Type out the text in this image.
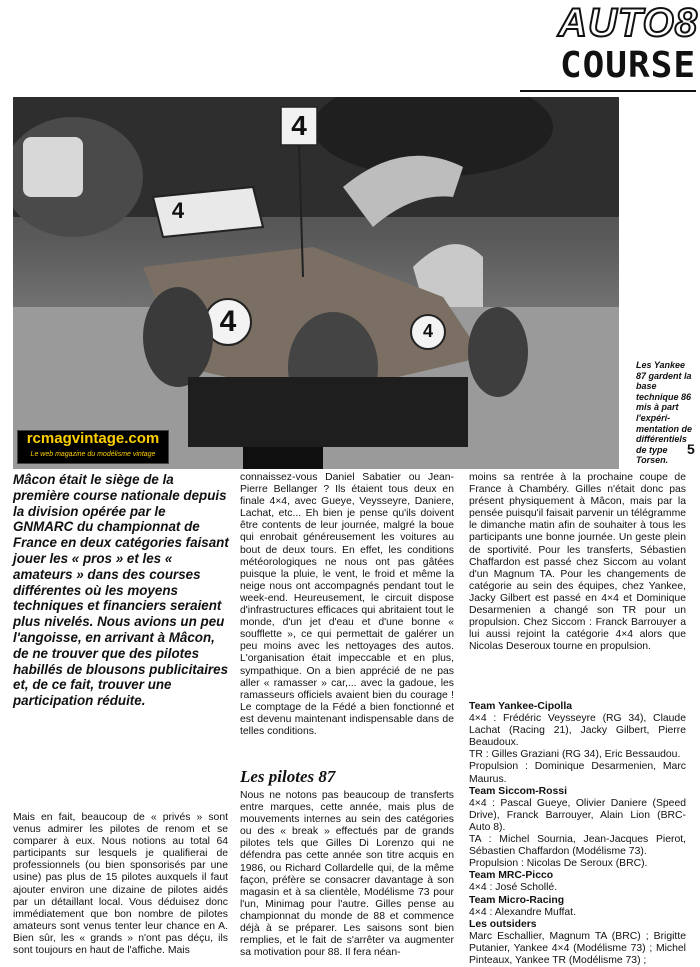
AUTO8
COURSE
4
4
4
4
rcmagvintage.com
Le web magazine du modélisme vintage
Les Yankee 87 gardent la base technique 86 mis à part l'expéri-mentation de différentiels de type Torsen.
5
Mâcon était le siège de la première course nationale depuis la division opérée par le GNMARC du championnat de France en deux catégories faisant jouer les « pros » et les « amateurs » dans des courses différentes où les moyens techniques et financiers seraient plus nivelés. Nous avions un peu l'angoisse, en arrivant à Mâcon, de ne trouver que des pilotes habillés de blousons publicitaires et, de ce fait, trouver une participation réduite.

Mais en fait, beaucoup de « privés » sont venus admirer les pilotes de renom et se comparer à eux. Nous notions au total 64 participants sur lesquels je qualifierai de professionnels (ou bien sponsorisés par une usine) pas plus de 15 pilotes auxquels il faut ajouter environ une dizaine de pilotes aidés par un détaillant local. Vous déduisez donc immédiatement que bon nombre de pilotes amateurs sont venus tenter leur chance en A. Bien sûr, les « grands » n'ont pas déçu, ils sont toujours en haut de l'affiche. Mais

connaissez-vous Daniel Sabatier ou Jean-Pierre Bellanger ? Ils étaient tous deux en finale 4×4, avec Gueye, Veysseyre, Daniere, Lachat, etc... Eh bien je pense qu'ils doivent être contents de leur journée, malgré la boue qui enrobait généreusement les voitures au bout de deux tours. En effet, les conditions météorologiques ne nous ont pas gâtées puisque la pluie, le vent, le froid et même la neige nous ont accompagnés pendant tout le week-end. Heureusement, le circuit dispose d'infrastructures efficaces qui abritaient tout le monde, d'un jet d'eau et d'une bonne « soufflette », ce qui permettait de galérer un peu moins avec les nettoyages des autos. L'organisation était impeccable et en plus, sympathique. On a bien apprécié de ne pas aller « ramasser » car,... avec la gadoue, les ramasseurs officiels avaient bien du courage ! Le comptage de la Fédé a bien fonctionné et est devenu maintenant indispensable dans de telles conditions.

Les pilotes 87

Nous ne notons pas beaucoup de transferts entre marques, cette année, mais plus de mouvements internes au sein des catégories ou des « break » effectués par de grands pilotes tels que Gilles Di Lorenzo qui ne défendra pas cette année son titre acquis en 1986, ou Richard Collardelle qui, de la même façon, préfère se consacrer davantage à son magasin et à sa clientèle, Modélisme 73 pour l'un, Minimag pour l'autre. Gilles pense au championnat du monde de 88 et commence déjà à se préparer. Les saisons sont bien remplies, et le fait de s'arrêter va augmenter sa motivation pour 88. Il fera néan-

moins sa rentrée à la prochaine coupe de France à Chambéry. Gilles n'était donc pas présent physiquement à Mâcon, mais par la pensée puisqu'il faisait parvenir un télégramme le dimanche matin afin de souhaiter à tous les participants une bonne journée. Un geste plein de sportivité. Pour les transferts, Sébastien Chaffardon est passé chez Siccom au volant d'un Magnum TA. Pour les changements de catégorie au sein des équipes, chez Yankee, Jacky Gilbert est passé en 4×4 et Dominique Desarmenien a changé son TR pour un propulsion. Chez Siccom : Franck Barrouyer a lui aussi rejoint la catégorie 4×4 alors que Nicolas Deseroux tourne en propulsion.

Team Yankee-Cipolla

4×4 : Frédéric Veysseyre (RG 34), Claude Lachat (Racing 21), Jacky Gilbert, Pierre Beaudoux.

TR : Gilles Graziani (RG 34), Eric Bessaudou.

Propulsion : Dominique Desarmenien, Marc Maurus.

Team Siccom-Rossi

4×4 : Pascal Gueye, Olivier Daniere (Speed Drive), Franck Barrouyer, Alain Lion (BRC-Auto 8).

TA : Michel Sournia, Jean-Jacques Pierot, Sébastien Chaffardon (Modélisme 73).

Propulsion : Nicolas De Seroux (BRC).

Team MRC-Picco

4×4 : José Schollé.

Team Micro-Racing

4×4 : Alexandre Muffat.

Les outsiders

Marc Eschallier, Magnum TA (BRC) ; Brigitte Putanier, Yankee 4×4 (Modélisme 73) ; Michel Pinteaux, Yankee TR (Modélisme 73) ;
